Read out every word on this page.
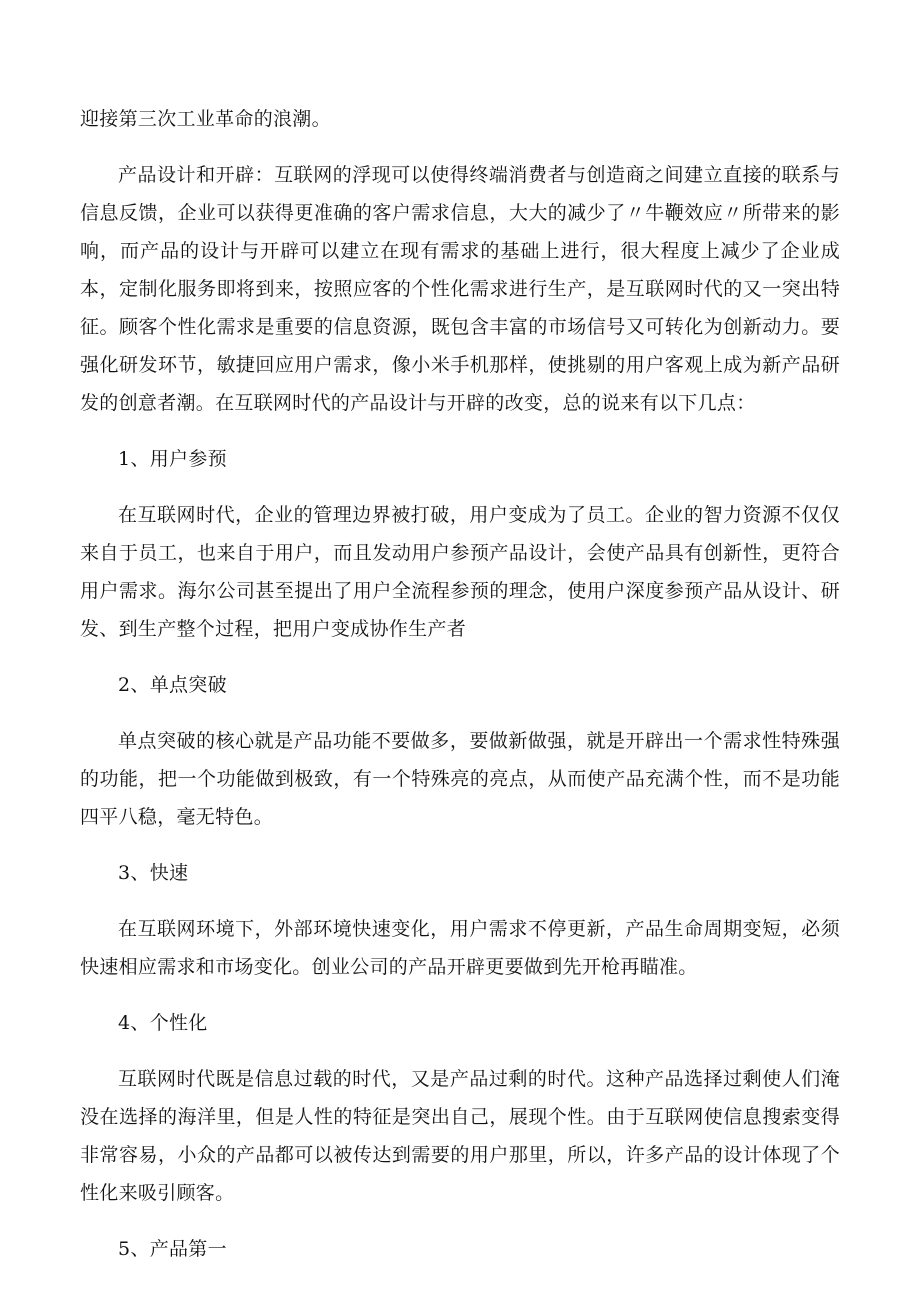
迎接第三次工业革命的浪潮。

产品设计和开辟：互联网的浮现可以使得终端消费者与创造商之间建立直接的联系与信息反馈，企业可以获得更准确的客户需求信息，大大的减少了〃牛鞭效应〃所带来的影响，而产品的设计与开辟可以建立在现有需求的基础上进行，很大程度上减少了企业成本，定制化服务即将到来，按照应客的个性化需求进行生产，是互联网时代的又一突出特征。顾客个性化需求是重要的信息资源，既包含丰富的市场信号又可转化为创新动力。要强化研发环节，敏捷回应用户需求，像小米手机那样，使挑剔的用户客观上成为新产品研发的创意者潮。在互联网时代的产品设计与开辟的改变，总的说来有以下几点：

1、用户参预

在互联网时代，企业的管理边界被打破，用户变成为了员工。企业的智力资源不仅仅来自于员工，也来自于用户，而且发动用户参预产品设计，会使产品具有创新性，更符合用户需求。海尔公司甚至提出了用户全流程参预的理念，使用户深度参预产品从设计、研发、到生产整个过程，把用户变成协作生产者

2、单点突破

单点突破的核心就是产品功能不要做多，要做新做强，就是开辟出一个需求性特殊强的功能，把一个功能做到极致，有一个特殊亮的亮点，从而使产品充满个性，而不是功能四平八稳，毫无特色。

3、快速

在互联网环境下，外部环境快速变化，用户需求不停更新，产品生命周期变短，必须快速相应需求和市场变化。创业公司的产品开辟更要做到先开枪再瞄准。

4、个性化

互联网时代既是信息过载的时代，又是产品过剩的时代。这种产品选择过剩使人们淹没在选择的海洋里，但是人性的特征是突出自己，展现个性。由于互联网使信息搜索变得非常容易，小众的产品都可以被传达到需要的用户那里，所以，许多产品的设计体现了个性化来吸引顾客。

5、产品第一
